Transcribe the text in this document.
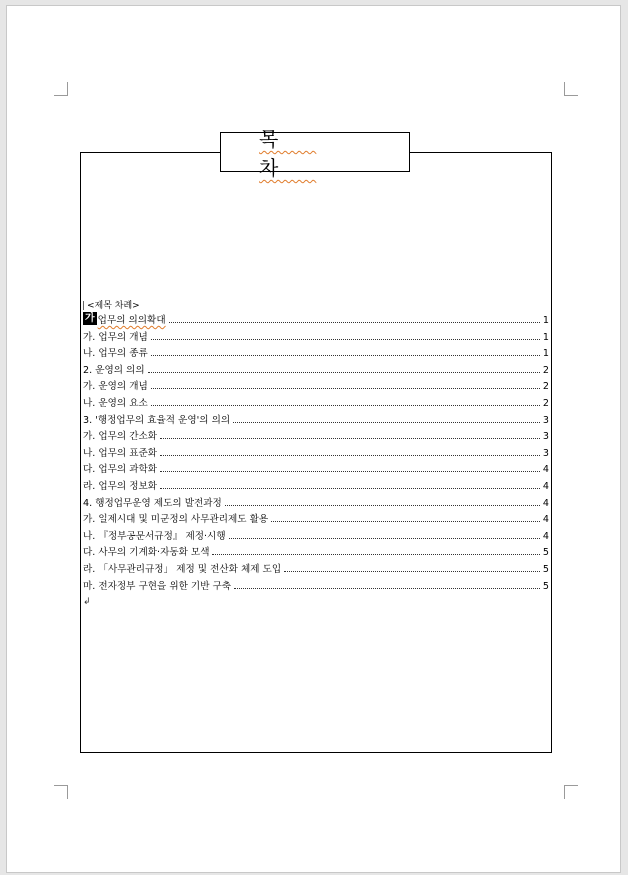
목 차
<제목 차례>
가 업무의 의의확대	1
가. 업무의 개념	1
나. 업무의 종류	1
2. 운영의 의의	2
가. 운영의 개념	2
나. 운영의 요소	2
3. '행정업무의 효율적 운영'의 의의	3
가. 업무의 간소화	3
나. 업무의 표준화	3
다. 업무의 과학화	4
라. 업무의 정보화	4
4. 행정업무운영 제도의 발전과정	4
가. 일제시대 및 미군정의 사무관리제도 활용	4
나. 『정부공문서규정』 제정·시행	4
다. 사무의 기계화·자동화 모색	5
라. 「사무관리규정」 제정 및 전산화 체제 도입	5
마. 전자정부 구현을 위한 기반 구축	5
↲
